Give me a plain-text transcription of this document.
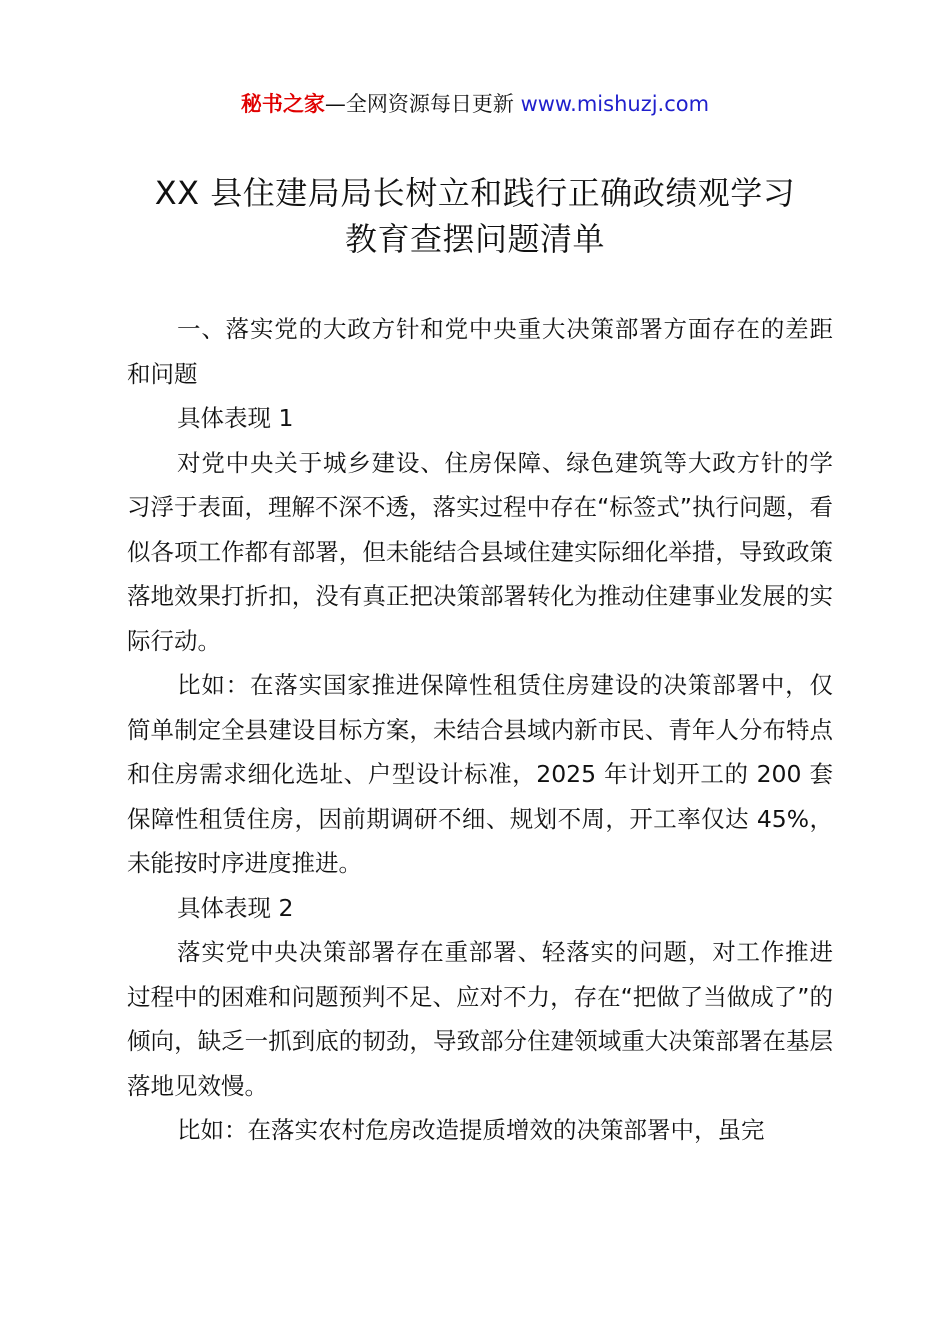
秘书之家—全网资源每日更新 www.mishuzj.com
XX 县住建局局长树立和践行正确政绩观学习
教育查摆问题清单

一、落实党的大政方针和党中央重大决策部署方面存在的差距和问题

具体表现 1

对党中央关于城乡建设、住房保障、绿色建筑等大政方针的学习浮于表面，理解不深不透，落实过程中存在“标签式”执行问题，看似各项工作都有部署，但未能结合县域住建实际细化举措，导致政策落地效果打折扣，没有真正把决策部署转化为推动住建事业发展的实际行动。

比如：在落实国家推进保障性租赁住房建设的决策部署中，仅简单制定全县建设目标方案，未结合县域内新市民、青年人分布特点和住房需求细化选址、户型设计标准，2025 年计划开工的 200 套保障性租赁住房，因前期调研不细、规划不周，开工率仅达 45%，未能按时序进度推进。

具体表现 2

落实党中央决策部署存在重部署、轻落实的问题，对工作推进过程中的困难和问题预判不足、应对不力，存在“把做了当做成了”的倾向，缺乏一抓到底的韧劲，导致部分住建领域重大决策部署在基层落地见效慢。

比如：在落实农村危房改造提质增效的决策部署中，虽完
